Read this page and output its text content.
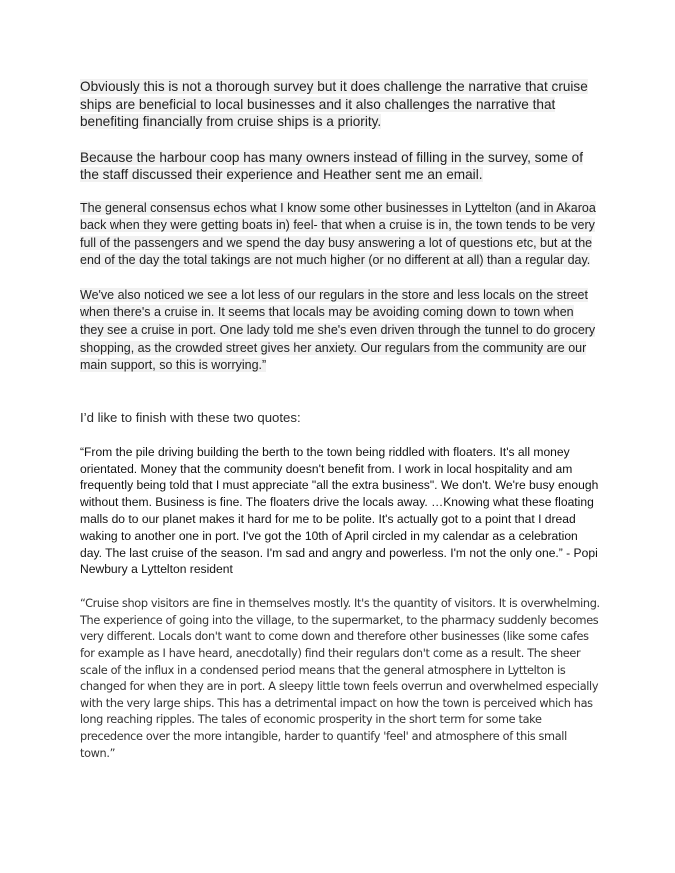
Obviously this is not a thorough survey but it does challenge the narrative that cruise ships are beneficial to local businesses and it also challenges the narrative that benefiting financially from cruise ships is a priority.

Because the harbour coop has many owners instead of filling in the survey, some of the staff discussed their experience and Heather sent me an email.

The general consensus echos what I know some other businesses in Lyttelton (and in Akaroa back when they were getting boats in) feel- that when a cruise is in, the town tends to be very full of the passengers and we spend the day busy answering a lot of questions etc, but at the end of the day the total takings are not much higher (or no different at all) than a regular day.

We've also noticed we see a lot less of our regulars in the store and less locals on the street when there's a cruise in. It seems that locals may be avoiding coming down to town when they see a cruise in port. One lady told me she's even driven through the tunnel to do grocery shopping, as the crowded street gives her anxiety. Our regulars from the community are our main support, so this is worrying.”

I’d like to finish with these two quotes:

“From the pile driving building the berth to the town being riddled with floaters. It's all money orientated. Money that the community doesn't benefit from. I work in local hospitality and am frequently being told that I must appreciate "all the extra business". We don't. We're busy enough without them. Business is fine. The floaters drive the locals away. …Knowing what these floating malls do to our planet makes it hard for me to be polite. It's actually got to a point that I dread waking to another one in port. I've got the 10th of April circled in my calendar as a celebration day. The last cruise of the season. I'm sad and angry and powerless. I'm not the only one.” - Popi Newbury a Lyttelton resident

“Cruise shop visitors are fine in themselves mostly. It's the quantity of visitors. It is overwhelming. The experience of going into the village, to the supermarket, to the pharmacy suddenly becomes very different. Locals don't want to come down and therefore other businesses (like some cafes for example as I have heard, anecdotally) find their regulars don't come as a result. The sheer scale of the influx in a condensed period means that the general atmosphere in Lyttelton is changed for when they are in port. A sleepy little town feels overrun and overwhelmed especially with the very large ships. This has a detrimental impact on how the town is perceived which has long reaching ripples. The tales of economic prosperity in the short term for some take precedence over the more intangible, harder to quantify 'feel' and atmosphere of this small town.”
